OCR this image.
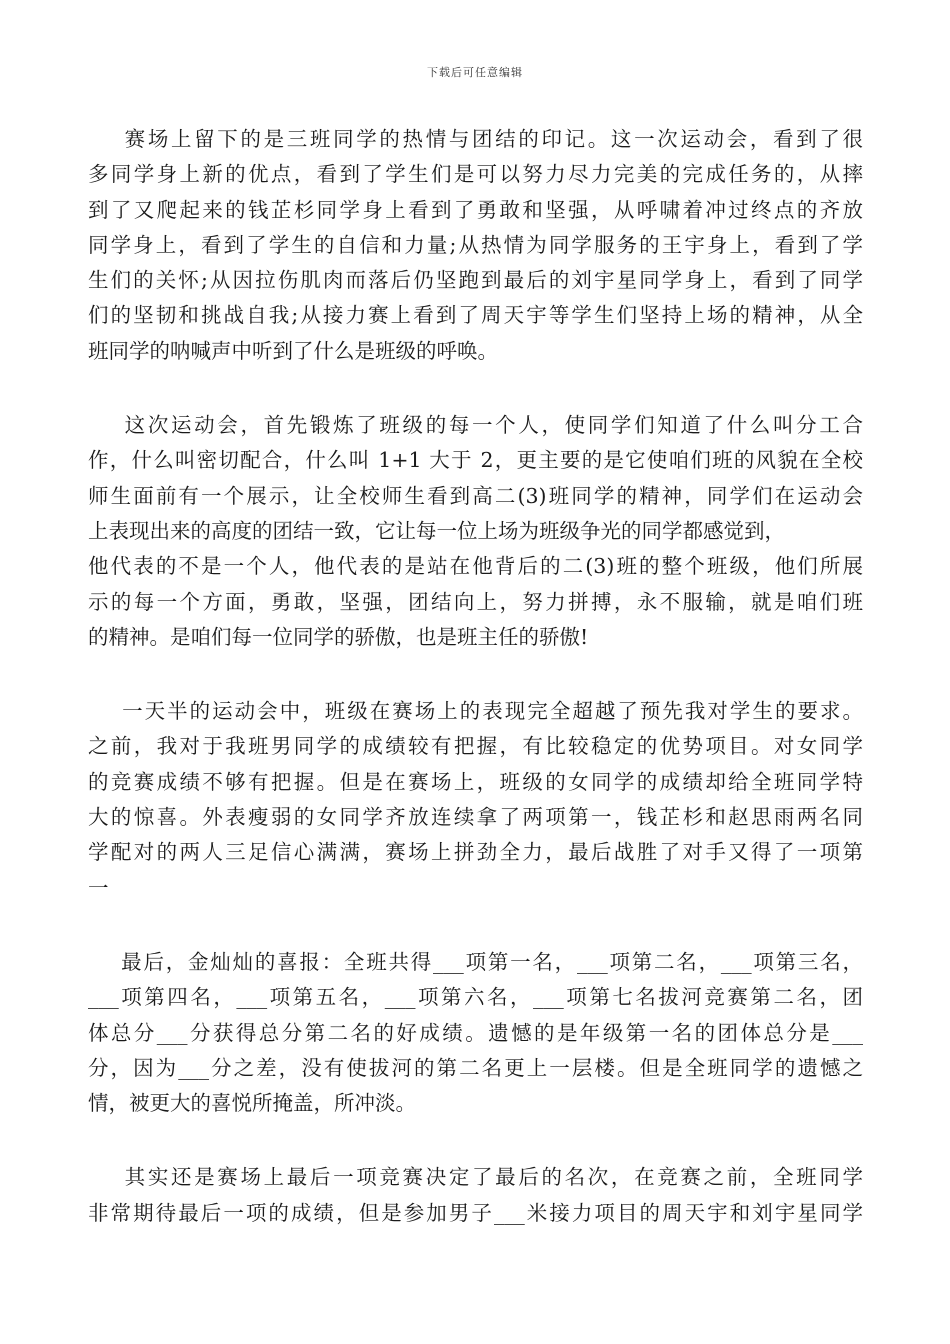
下载后可任意编辑
赛场上留下的是三班同学的热情与团结的印记。这一次运动会，看到了很
多同学身上新的优点，看到了学生们是可以努力尽力完美的完成任务的，从摔
到了又爬起来的钱芷杉同学身上看到了勇敢和坚强，从呼啸着冲过终点的齐放
同学身上，看到了学生的自信和力量;从热情为同学服务的王宇身上，看到了学
生们的关怀;从因拉伤肌肉而落后仍坚跑到最后的刘宇星同学身上，看到了同学
们的坚韧和挑战自我;从接力赛上看到了周天宇等学生们坚持上场的精神，从全
班同学的呐喊声中听到了什么是班级的呼唤。
这次运动会，首先锻炼了班级的每一个人，使同学们知道了什么叫分工合
作，什么叫密切配合，什么叫 1+1 大于 2，更主要的是它使咱们班的风貌在全校
师生面前有一个展示，让全校师生看到高二(3)班同学的精神，同学们在运动会
上表现出来的高度的团结一致，它让每一位上场为班级争光的同学都感觉到，
他代表的不是一个人，他代表的是站在他背后的二(3)班的整个班级，他们所展
示的每一个方面，勇敢，坚强，团结向上，努力拼搏，永不服输，就是咱们班
的精神。是咱们每一位同学的骄傲，也是班主任的骄傲!
一天半的运动会中，班级在赛场上的表现完全超越了预先我对学生的要求。
之前，我对于我班男同学的成绩较有把握，有比较稳定的优势项目。对女同学
的竞赛成绩不够有把握。但是在赛场上，班级的女同学的成绩却给全班同学特
大的惊喜。外表瘦弱的女同学齐放连续拿了两项第一，钱芷杉和赵思雨两名同
学配对的两人三足信心满满，赛场上拼劲全力，最后战胜了对手又得了一项第
一
最后，金灿灿的喜报：全班共得___项第一名，___项第二名，___项第三名，
___项第四名，___项第五名，___项第六名，___项第七名拔河竞赛第二名，团
体总分___分获得总分第二名的好成绩。遗憾的是年级第一名的团体总分是___
分，因为___分之差，没有使拔河的第二名更上一层楼。但是全班同学的遗憾之
情，被更大的喜悦所掩盖，所冲淡。
其实还是赛场上最后一项竞赛决定了最后的名次，在竞赛之前，全班同学
非常期待最后一项的成绩，但是参加男子___米接力项目的周天宇和刘宇星同学
